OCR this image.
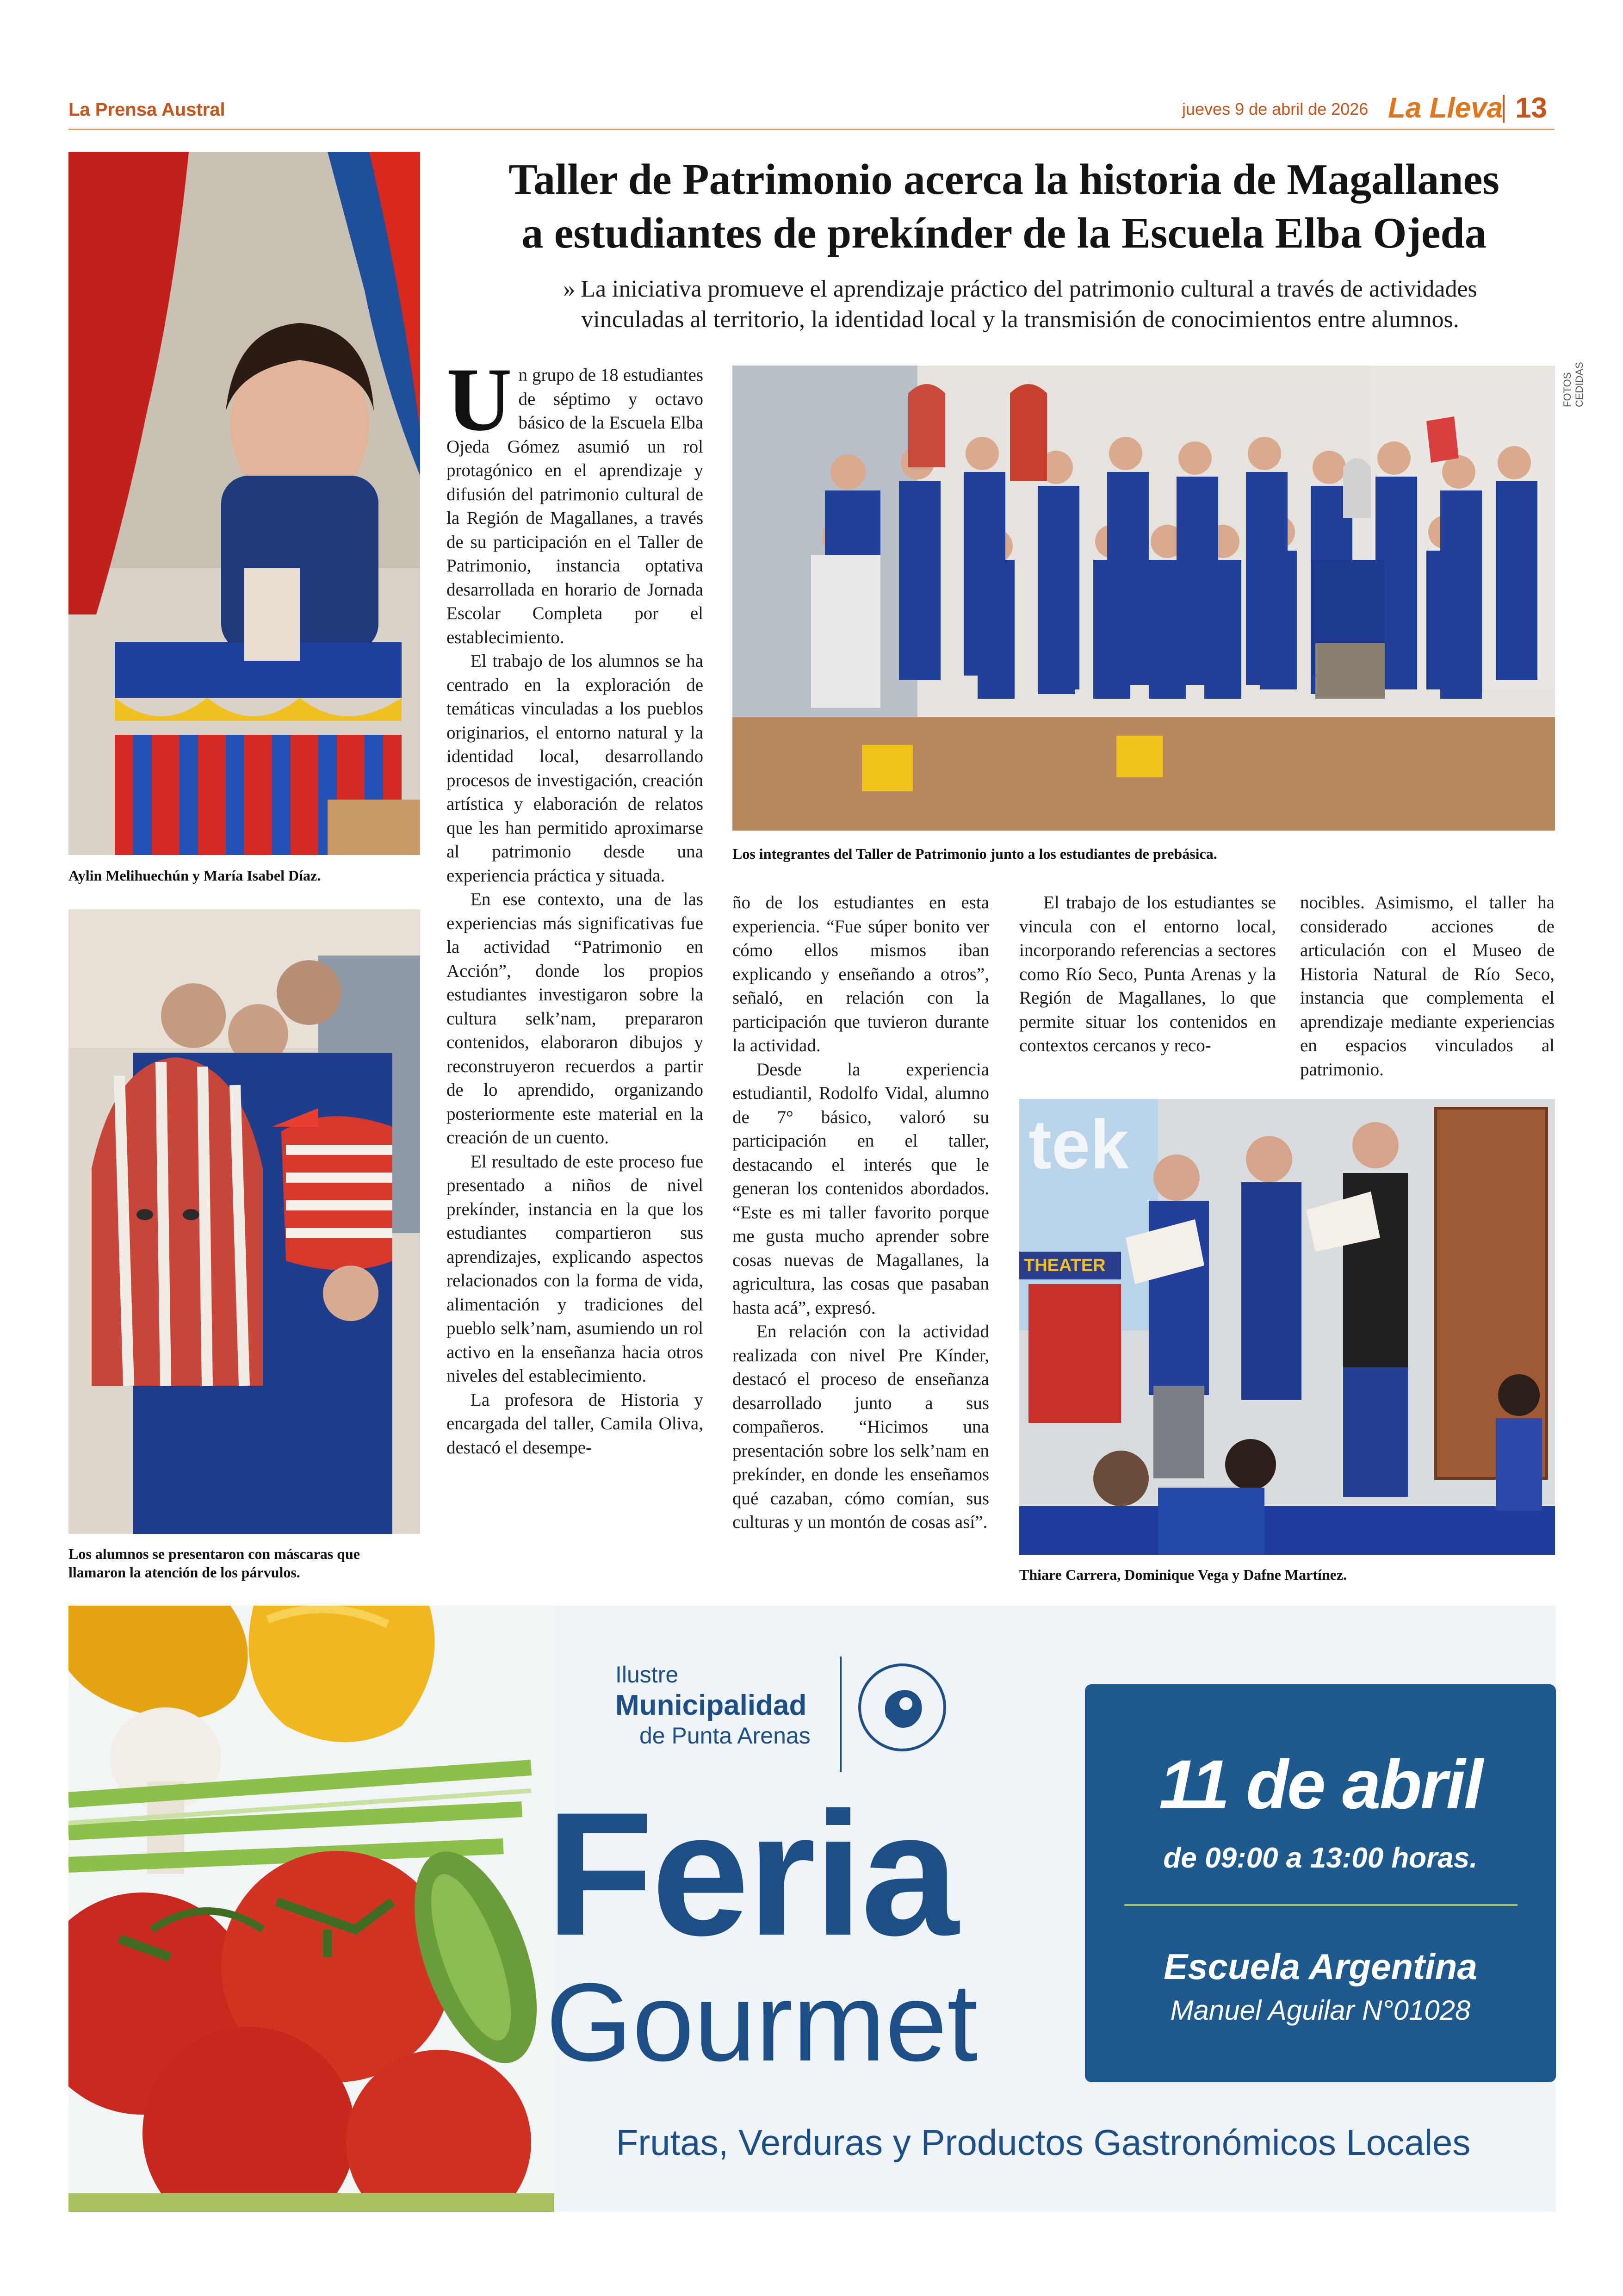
La Prensa Austral	jueves 9 de abril de 2026 La Lleva 13
Taller de Patrimonio acerca la historia de Magallanes
a estudiantes de prekínder de la Escuela Elba Ojeda
» La iniciativa promueve el aprendizaje práctico del patrimonio cultural a través de actividades
vinculadas al territorio, la identidad local y la transmisión de conocimientos entre alumnos.
Aylin Melihuechún y María Isabel Díaz.
Los alumnos se presentaron con máscaras que llamaron la atención de los párvulos.
Los integrantes del Taller de Patrimonio junto a los estudiantes de prebásica.
FOTOS CEDIDAS
tek
THEATER
Thiare Carrera, Dominique Vega y Dafne Martínez.

Un grupo de 18 estudiantes de séptimo y octavo básico de la Escuela Elba Ojeda Gómez asumió un rol protagónico en el aprendizaje y difusión del patrimonio cultural de la Región de Magallanes, a través de su participación en el Taller de Patrimonio, instancia optativa desarrollada en horario de Jornada Escolar Completa por el establecimiento.

El trabajo de los alumnos se ha centrado en la exploración de temáticas vinculadas a los pueblos originarios, el entorno natural y la identidad local, desarrollando procesos de investigación, creación artística y elaboración de relatos que les han permitido aproximarse al patrimonio desde una experiencia práctica y situada.

En ese contexto, una de las experiencias más significativas fue la actividad “Patrimonio en Acción”, donde los propios estudiantes investigaron sobre la cultura selk’nam, prepararon contenidos, elaboraron dibujos y reconstruyeron recuerdos a partir de lo aprendido, organizando posteriormente este material en la creación de un cuento.

El resultado de este proceso fue presentado a niños de nivel prekínder, instancia en la que los estudiantes compartieron sus aprendizajes, explicando aspectos relacionados con la forma de vida, alimentación y tradiciones del pueblo selk’nam, asumiendo un rol activo en la enseñanza hacia otros niveles del establecimiento.

La profesora de Historia y encargada del taller, Camila Oliva, destacó el desempe-

ño de los estudiantes en esta experiencia. “Fue súper bonito ver cómo ellos mismos iban explicando y enseñando a otros”, señaló, en relación con la participación que tuvieron durante la actividad.

Desde la experiencia estudiantil, Rodolfo Vidal, alumno de 7° básico, valoró su participación en el taller, destacando el interés que le generan los contenidos abordados. “Este es mi taller favorito porque me gusta mucho aprender sobre cosas nuevas de Magallanes, la agricultura, las cosas que pasaban hasta acá”, expresó.

En relación con la actividad realizada con nivel Pre Kínder, destacó el proceso de enseñanza desarrollado junto a sus compañeros. “Hicimos una presentación sobre los selk’nam en prekínder, en donde les enseñamos qué cazaban, cómo comían, sus culturas y un montón de cosas así”.

El trabajo de los estudiantes se vincula con el entorno local, incorporando referencias a sectores como Río Seco, Punta Arenas y la Región de Magallanes, lo que permite situar los contenidos en contextos cercanos y reco-

nocibles. Asimismo, el taller ha considerado acciones de articulación con el Museo de Historia Natural de Río Seco, instancia que complementa el aprendizaje mediante experiencias en espacios vinculados al patrimonio.

Ilustre
Municipalidad
de Punta Arenas
Feria
Gourmet
11 de abril
de 09:00 a 13:00 horas.
Escuela Argentina
Manuel Aguilar N°01028
Frutas, Verduras y Productos Gastronómicos Locales
